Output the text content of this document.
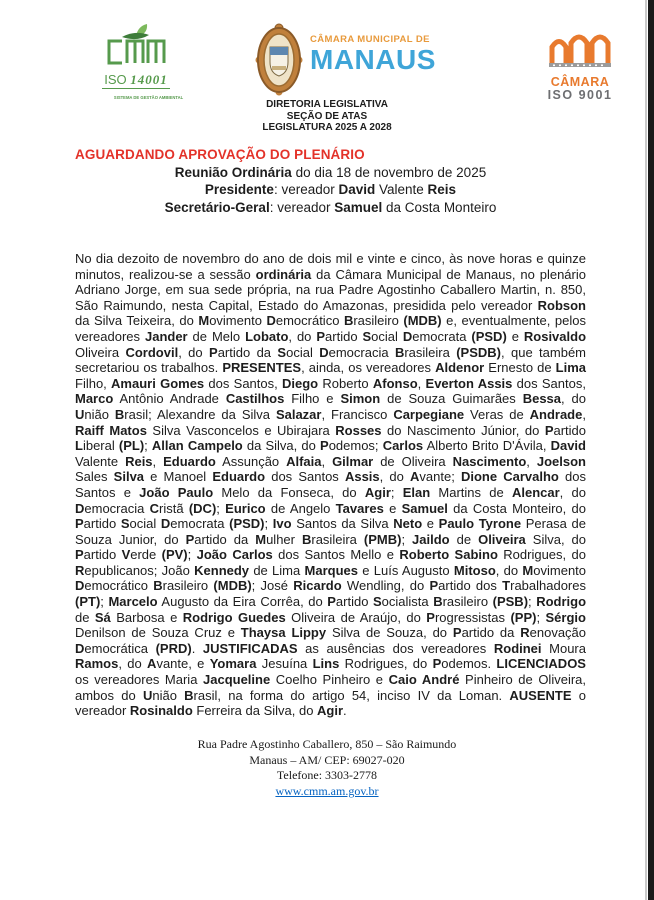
ISO 14001
SISTEMA DE GESTÃO AMBIENTAL
CÂMARA MUNICIPAL DE
MANAUS
CÂMARA
ISO 9001
DIRETORIA LEGISLATIVA
SEÇÃO DE ATAS
LEGISLATURA 2025 A 2028
AGUARDANDO APROVAÇÃO DO PLENÁRIO
Reunião Ordinária do dia 18 de novembro de 2025
Presidente: vereador David Valente Reis
Secretário-Geral: vereador Samuel da Costa Monteiro
No dia dezoito de novembro do ano de dois mil e vinte e cinco, às nove horas e quinze minutos, realizou-se a sessão ordinária da Câmara Municipal de Manaus, no plenário Adriano Jorge, em sua sede própria, na rua Padre Agostinho Caballero Martin, n. 850, São Raimundo, nesta Capital, Estado do Amazonas, presidida pelo vereador Robson da Silva Teixeira, do Movimento Democrático Brasileiro (MDB) e, eventualmente, pelos vereadores Jander de Melo Lobato, do Partido Social Democrata (PSD) e Rosivaldo Oliveira Cordovil, do Partido da Social Democracia Brasileira (PSDB), que também secretariou os trabalhos. PRESENTES, ainda, os vereadores Aldenor Ernesto de Lima Filho, Amauri Gomes dos Santos, Diego Roberto Afonso, Everton Assis dos Santos, Marco Antônio Andrade Castilhos Filho e Simon de Souza Guimarães Bessa, do União Brasil; Alexandre da Silva Salazar, Francisco Carpegiane Veras de Andrade, Raiff Matos Silva Vasconcelos e Ubirajara Rosses do Nascimento Júnior, do Partido Liberal (PL); Allan Campelo da Silva, do Podemos; Carlos Alberto Brito D'Ávila, David Valente Reis, Eduardo Assunção Alfaia, Gilmar de Oliveira Nascimento, Joelson Sales Silva e Manoel Eduardo dos Santos Assis, do Avante; Dione Carvalho dos Santos e João Paulo Melo da Fonseca, do Agir; Elan Martins de Alencar, do Democracia Cristã (DC); Eurico de Angelo Tavares e Samuel da Costa Monteiro, do Partido Social Democrata (PSD); Ivo Santos da Silva Neto e Paulo Tyrone Perasa de Souza Junior, do Partido da Mulher Brasileira (PMB); Jaildo de Oliveira Silva, do Partido Verde (PV); João Carlos dos Santos Mello e Roberto Sabino Rodrigues, do Republicanos; João Kennedy de Lima Marques e Luís Augusto Mitoso, do Movimento Democrático Brasileiro (MDB); José Ricardo Wendling, do Partido dos Trabalhadores (PT); Marcelo Augusto da Eira Corrêa, do Partido Socialista Brasileiro (PSB); Rodrigo de Sá Barbosa e Rodrigo Guedes Oliveira de Araújo, do Progressistas (PP); Sérgio Denilson de Souza Cruz e Thaysa Lippy Silva de Souza, do Partido da Renovação Democrática (PRD). JUSTIFICADAS as ausências dos vereadores Rodinei Moura Ramos, do Avante, e Yomara Jesuína Lins Rodrigues, do Podemos. LICENCIADOS os vereadores Maria Jacqueline Coelho Pinheiro e Caio André Pinheiro de Oliveira, ambos do União Brasil, na forma do artigo 54, inciso IV da Loman. AUSENTE o vereador Rosinaldo Ferreira da Silva, do Agir.
Rua Padre Agostinho Caballero, 850 – São Raimundo
Manaus – AM/ CEP: 69027-020
Telefone: 3303-2778
www.cmm.am.gov.br
